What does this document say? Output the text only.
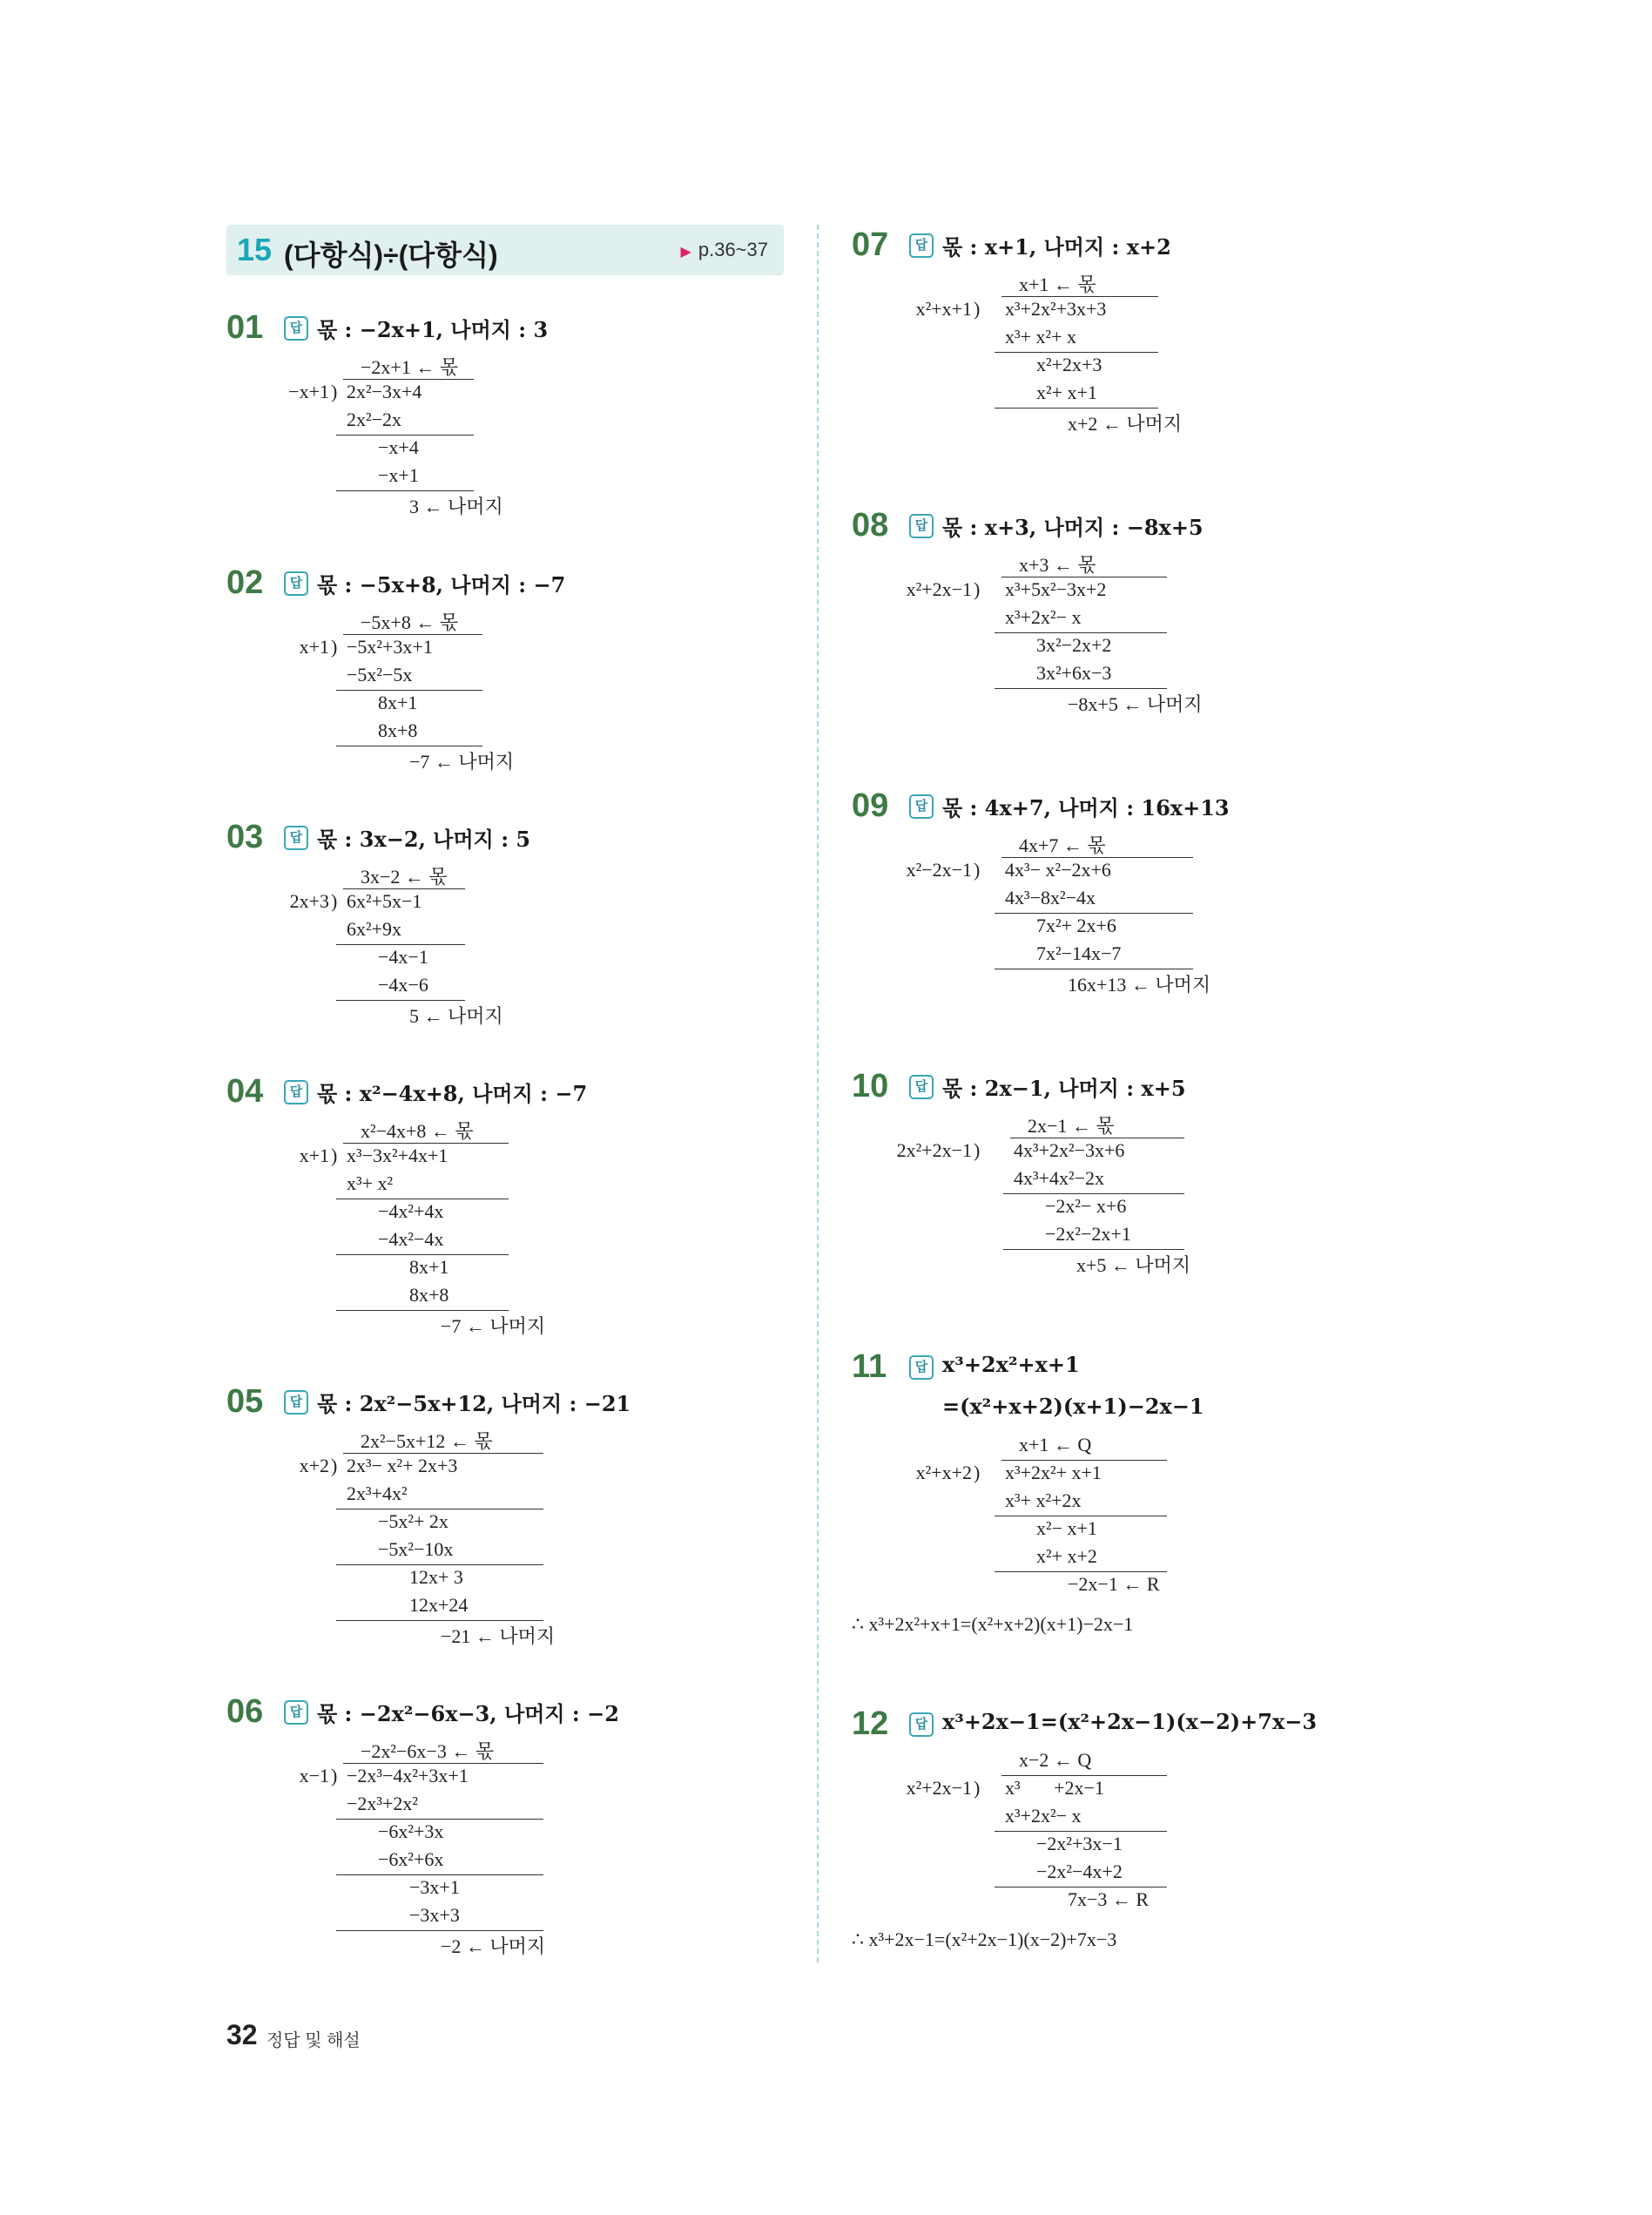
15 (다항식)÷(다항식)	▶ p.36~37
01	답 몫 : −2x+1, 나머지 : 3
−2x+1 ← 몫
−x+1 ) 2x²−3x+4
2x²−2x
−x+4
−x+1
3 ← 나머지
02	답 몫 : −5x+8, 나머지 : −7
−5x+8 ← 몫
x+1 ) −5x²+3x+1
−5x²−5x
8x+1
8x+8
−7 ← 나머지
03	답 몫 : 3x−2, 나머지 : 5
3x−2 ← 몫
2x+3 ) 6x²+5x−1
6x²+9x
−4x−1
−4x−6
5 ← 나머지
04	답 몫 : x²−4x+8, 나머지 : −7
x²−4x+8 ← 몫
x+1 ) x³−3x²+4x+1
x³+ x²
−4x²+4x
−4x²−4x
8x+1
8x+8
−7 ← 나머지
05	답 몫 : 2x²−5x+12, 나머지 : −21
2x²−5x+12 ← 몫
x+2 ) 2x³− x²+ 2x+3
2x³+4x²
−5x²+ 2x
−5x²−10x
12x+ 3
12x+24
−21 ← 나머지
06	답 몫 : −2x²−6x−3, 나머지 : −2
−2x²−6x−3 ← 몫
x−1 ) −2x³−4x²+3x+1
−2x³+2x²
−6x²+3x
−6x²+6x
−3x+1
−3x+3
−2 ← 나머지
07	답 몫 : x+1, 나머지 : x+2
x+1 ← 몫
x²+x+1 ) x³+2x²+3x+3
x³+ x²+ x
x²+2x+3
x²+ x+1
x+2 ← 나머지
08	답 몫 : x+3, 나머지 : −8x+5
x+3 ← 몫
x²+2x−1 ) x³+5x²−3x+2
x³+2x²− x
3x²−2x+2
3x²+6x−3
−8x+5 ← 나머지
09	답 몫 : 4x+7, 나머지 : 16x+13
4x+7 ← 몫
x²−2x−1 ) 4x³− x²−2x+6
4x³−8x²−4x
7x²+ 2x+6
7x²−14x−7
16x+13 ← 나머지
10	답 몫 : 2x−1, 나머지 : x+5
2x−1 ← 몫
2x²+2x−1 ) 4x³+2x²−3x+6
4x³+4x²−2x
−2x²− x+6
−2x²−2x+1
x+5 ← 나머지
11	답 x³+2x²+x+1
=(x²+x+2)(x+1)−2x−1
x+1 ← Q
x²+x+2 ) x³+2x²+ x+1
x³+ x²+2x
x²− x+1
x²+ x+2
−2x−1 ← R
∴ x³+2x²+x+1=(x²+x+2)(x+1)−2x−1
12	답 x³+2x−1=(x²+2x−1)(x−2)+7x−3
x−2 ← Q
x²+2x−1 ) x³       +2x−1
x³+2x²− x
−2x²+3x−1
−2x²−4x+2
7x−3 ← R
∴ x³+2x−1=(x²+2x−1)(x−2)+7x−3
32 정답 및 해설
